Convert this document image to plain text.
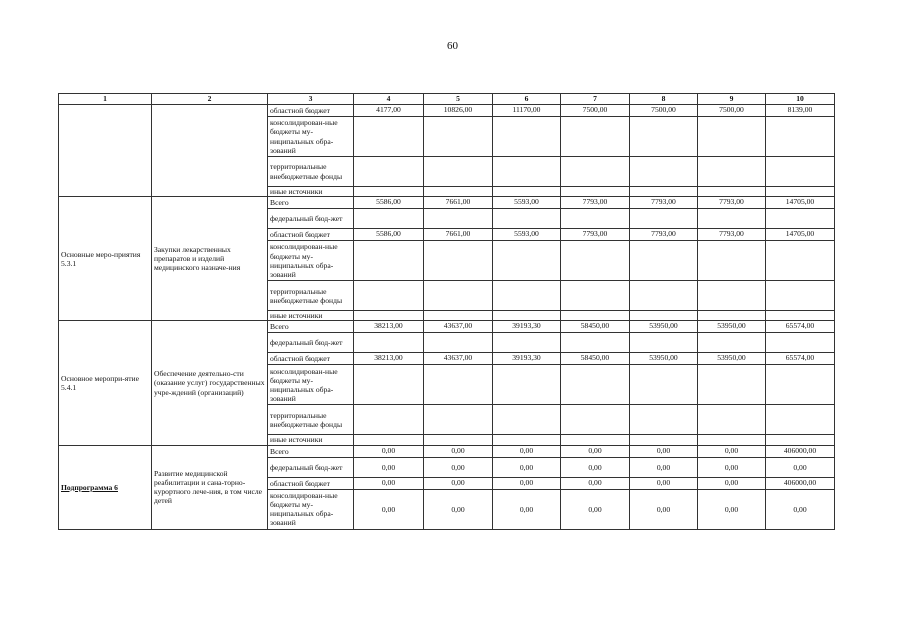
60
1	2	3	4	5	6	7	8	9	10
		областной бюджет	4177,00	10826,00	11170,00	7500,00	7500,00	7500,00	8139,00
		консолидирован-ные бюджеты му-ниципальных обра-зований							
		территориальные внебюджетные фонды							
		иные источники							
Основные меро-приятия 5.3.1	Закупки лекарственных препаратов и изделий медицинского назначе-ния	Всего	5586,00	7661,00	5593,00	7793,00	7793,00	7793,00	14705,00
		федеральный бюд-жет							
		областной бюджет	5586,00	7661,00	5593,00	7793,00	7793,00	7793,00	14705,00
		консолидирован-ные бюджеты му-ниципальных обра-зований							
		территориальные внебюджетные фонды							
		иные источники							
Основное меропри-ятие 5.4.1	Обеспечение деятельно-сти (оказание услуг) государственных учре-ждений (организаций)	Всего	38213,00	43637,00	39193,30	58450,00	53950,00	53950,00	65574,00
		федеральный бюд-жет							
		областной бюджет	38213,00	43637,00	39193,30	58450,00	53950,00	53950,00	65574,00
		консолидирован-ные бюджеты му-ниципальных обра-зований							
		территориальные внебюджетные фонды							
		иные источники							
Подпрограмма 6	Развитие медицинской реабилитации и сана-торно-курортного лече-ния, в том числе детей	Всего	0,00	0,00	0,00	0,00	0,00	0,00	406000,00
		федеральный бюд-жет	0,00	0,00	0,00	0,00	0,00	0,00	0,00
		областной бюджет	0,00	0,00	0,00	0,00	0,00	0,00	406000,00
		консолидирован-ные бюджеты му-ниципальных обра-зований	0,00	0,00	0,00	0,00	0,00	0,00	0,00
